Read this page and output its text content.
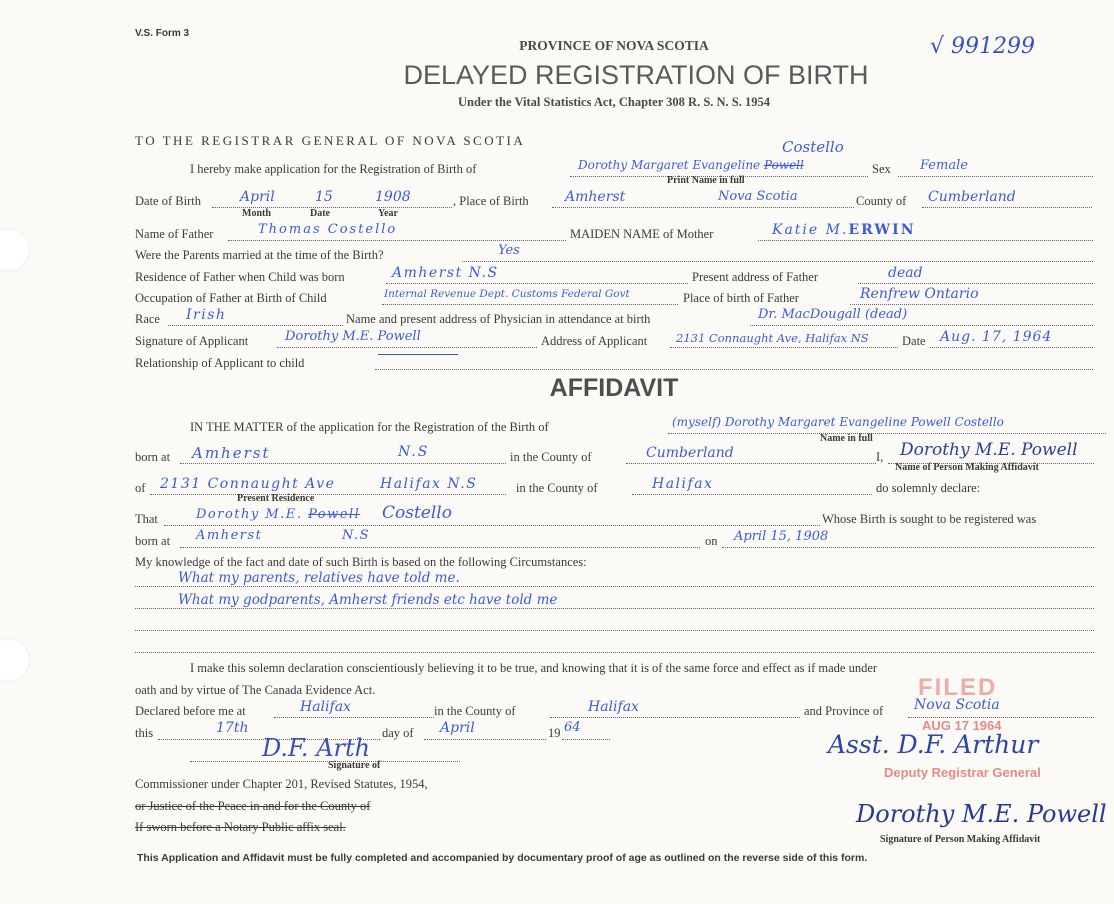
V.S. Form 3
√ 991299
PROVINCE OF NOVA SCOTIA
DELAYED REGISTRATION OF BIRTH
Under the Vital Statistics Act, Chapter 308 R. S. N. S. 1954
TO THE REGISTRAR GENERAL OF NOVA SCOTIA
I hereby make application for the Registration of Birth of	Dorothy Margaret Evangeline Powell
Costello
Print Name in full
Sex Female
Date of Birth	April	15	1908
Month	Date	Year
, Place of Birth	Amherst	Nova Scotia	County of Cumberland
Name of Father	Thomas Costello	MAIDEN NAME of Mother	Katie M.ERWIN
Were the Parents married at the time of the Birth?	Yes
Residence of Father when Child was born	Amherst N.S	Present address of Father	dead
Occupation of Father at Birth of Child	Internal Revenue Dept. Customs Federal Govt	Place of birth of Father	Renfrew Ontario
Race Irish	Name and present address of Physician in attendance at birth	Dr. MacDougall (dead)
Signature of Applicant	Dorothy M.E. Powell	Address of Applicant	2131 Connaught Ave, Halifax NS	Date Aug. 17, 1964
Relationship of Applicant to child
AFFIDAVIT
IN THE MATTER of the application for the Registration of the Birth of	(myself) Dorothy Margaret Evangeline Powell Costello
Name in full
born at Amherst	N.S	in the County of	Cumberland	I, Dorothy M.E. Powell
Name of Person Making Affidavit
of 2131 Connaught Ave	Halifax N.S
Present Residence
in the County of	Halifax	do solemnly declare:
That	Dorothy M.E. Powell Costello	Whose Birth is sought to be registered was
born at Amherst	N.S	on April 15, 1908
My knowledge of the fact and date of such Birth is based on the following Circumstances:
What my parents, relatives have told me.
What my godparents, Amherst friends etc have told me
I make this solemn declaration conscientiously believing it to be true, and knowing that it is of the same force and effect as if made under
oath and by virtue of The Canada Evidence Act.
Declared before me at	Halifax	in the County of	Halifax	and Province of Nova Scotia
this	17th	day of April	19 64
D.F. Arth
Signature of
Commissioner under Chapter 201, Revised Statutes, 1954,
or Justice of the Peace in and for the County of
If sworn before a Notary Public affix seal.
FILED
AUG 17 1964
Asst. D.F. Arthur
Deputy Registrar General
Dorothy M.E. Powell
Signature of Person Making Affidavit
This Application and Affidavit must be fully completed and accompanied by documentary proof of age as outlined on the reverse side of this form.
